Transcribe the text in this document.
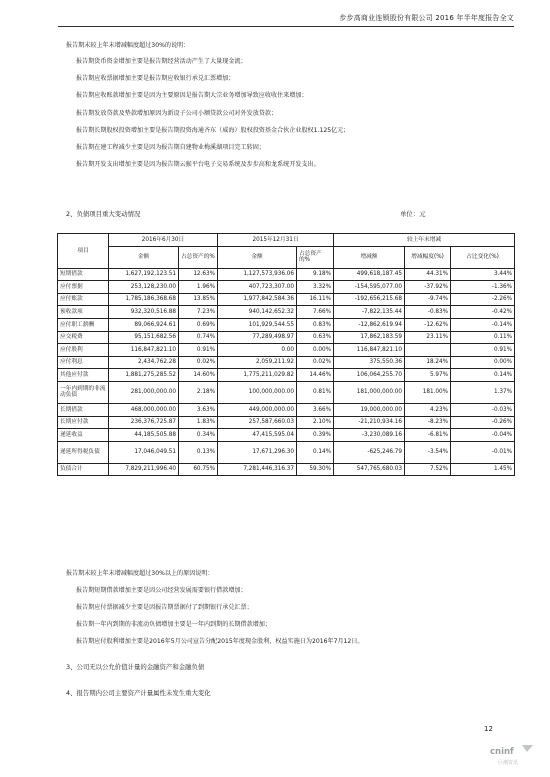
步步高商业连锁股份有限公司 2016 年半年度报告全文
报告期末较上年末增减幅度超过30%的说明：
报告期货币资金增加主要是报告期经营活动产生了大量现金流；
报告期应收票据增加主要是报告期应收银行承兑汇票增加；
报告期应收账款增加主要是因为主要原因是报告期大宗业务增加导致应收收住来增加；
报告期发放贷款及垫款增加原因为新设子公司小额贷款公司对外发放贷款；
报告期长期股权投资增加主要是报告期投资海通齐东（威海）股权投资基金合伙企业股权1.125亿元；
报告期在建工程减少主要是因为报告期自建物业梅溪湖项目完工转固；
报告期开发支出增加主要是因为报告期云猴平台电子交易系统及步步高和龙系统开发支出。
2、负债项目重大变动情况	单位：元
项目	2016年6月30日		2015年12月31日		较上年末增减		
	金额	占总资产的%	金额	占总资产的%	增减额	增减幅度(%)	占比变化(%)
短期借款	1,627,192,123.51	12.63%	1,127,573,936.06	9.18%	499,618,187.45	44.31%	3.44%
应付票据	253,128,230.00	1.96%	407,723,307.00	3.32%	-154,595,077.00	-37.92%	-1.36%
应付账款	1,785,186,368.68	13.85%	1,977,842,584.36	16.11%	-192,656,215.68	-9.74%	-2.26%
预收款项	932,320,516.88	7.23%	940,142,652.32	7.66%	-7,822,135.44	-0.83%	-0.42%
应付职工薪酬	89,066,924.61	0.69%	101,929,544.55	0.83%	-12,862,619.94	-12.62%	-0.14%
应交税费	95,151,682.56	0.74%	77,289,498.97	0.63%	17,862,183.59	23.11%	0.11%
应付股利	116,847,821.10	0.91%	0.00	0.00%	116,847,821.10		0.91%
应付利息	2,434,762.28	0.02%	2,059,211.92	0.02%	375,550.36	18.24%	0.00%
其他应付款	1,881,275,285.52	14.60%	1,775,211,029.82	14.46%	106,064,255.70	5.97%	0.14%
一年内到期的非流动负债	281,000,000.00	2.18%	100,000,000.00	0.81%	181,000,000.00	181.00%	1.37%
长期借款	468,000,000.00	3.63%	449,000,000.00	3.66%	19,000,000.00	4.23%	-0.03%
长期应付款	236,376,725.87	1.83%	257,587,660.03	2.10%	-21,210,934.16	-8.23%	-0.26%
递延收益	44,185,505.88	0.34%	47,415,595.04	0.39%	-3,230,089.16	-6.81%	-0.04%
递延所得税负债	17,046,049.51	0.13%	17,671,296.30	0.14%	-625,246.79	-3.54%	-0.01%
负债合计	7,829,211,996.40	60.75%	7,281,446,316.37	59.30%	547,765,680.03	7.52%	1.45%
报告期末较上年末增减幅度超过30%以上的原因说明：
报告期短期借款增加主要是因公司经营发展需要银行借款增加；
报告期应付票据减少主要是因报告期票据付了到期银行承兑汇票；
报告期一年内到期的非流动负债增加主要是一年内到期的长期借款增加；
报告期应付股利增加主要是2016年5月公司宣告分配2015年度现金股利，权益实施日为2016年7月12日。
3、公司无以公允价值计量的金融资产和金融负债
4、报告期内公司主要资产计量属性未发生重大变化
12
cninf
巨潮资讯
